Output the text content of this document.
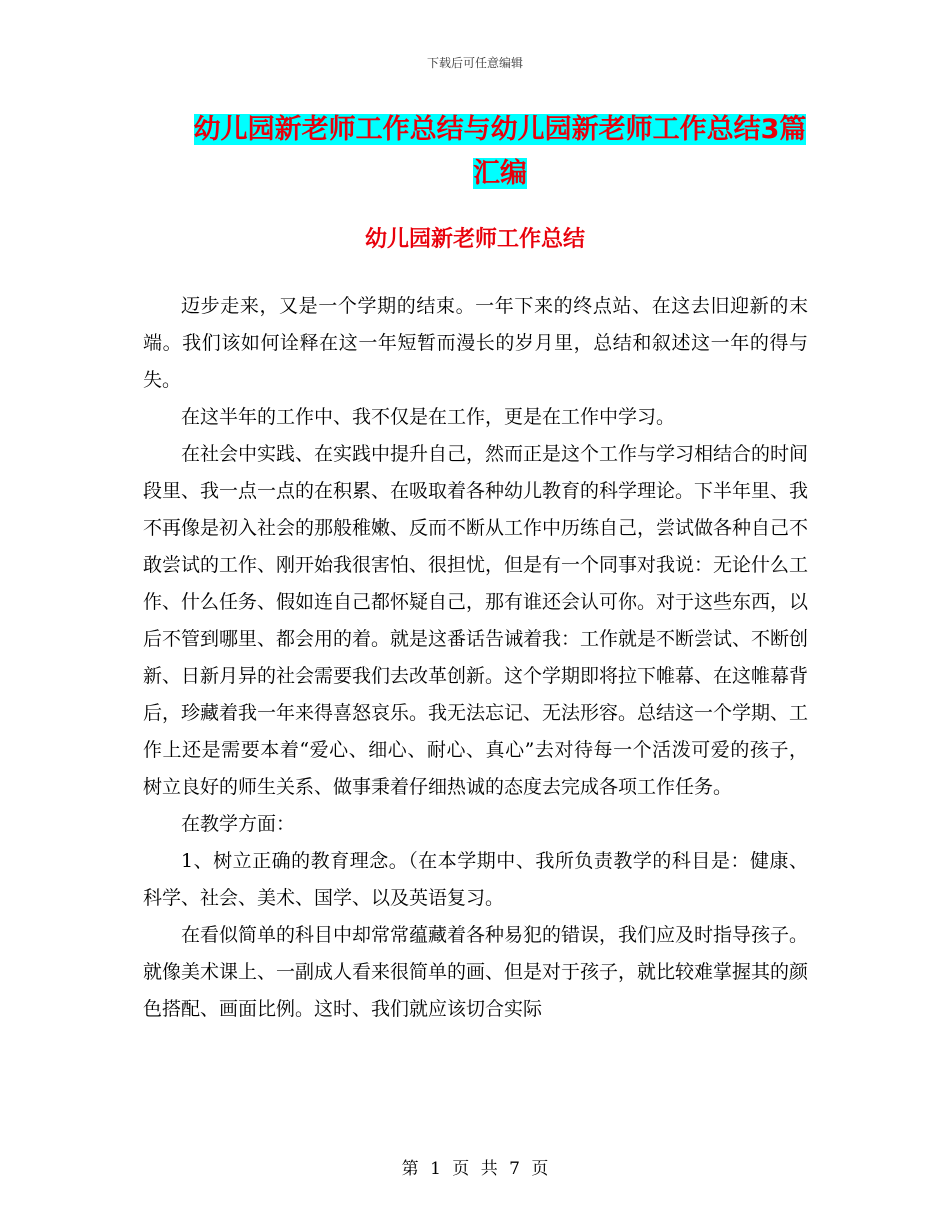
下载后可任意编辑
幼儿园新老师工作总结与幼儿园新老师工作总结3篇
汇编
幼儿园新老师工作总结

迈步走来，又是一个学期的结束。一年下来的终点站、在这去旧迎新的末端。我们该如何诠释在这一年短暂而漫长的岁月里，总结和叙述这一年的得与失。

在这半年的工作中、我不仅是在工作，更是在工作中学习。

在社会中实践、在实践中提升自己，然而正是这个工作与学习相结合的时间段里、我一点一点的在积累、在吸取着各种幼儿教育的科学理论。下半年里、我不再像是初入社会的那般稚嫩、反而不断从工作中历练自己，尝试做各种自己不敢尝试的工作、刚开始我很害怕、很担忧，但是有一个同事对我说：无论什么工作、什么任务、假如连自己都怀疑自己，那有谁还会认可你。对于这些东西，以后不管到哪里、都会用的着。就是这番话告诫着我：工作就是不断尝试、不断创新、日新月异的社会需要我们去改革创新。这个学期即将拉下帷幕、在这帷幕背后，珍藏着我一年来得喜怒哀乐。我无法忘记、无法形容。总结这一个学期、工作上还是需要本着“爱心、细心、耐心、真心”去对待每一个活泼可爱的孩子，树立良好的师生关系、做事秉着仔细热诚的态度去完成各项工作任务。

在教学方面：

1、树立正确的教育理念。（在本学期中、我所负责教学的科目是：健康、科学、社会、美术、国学、以及英语复习。

在看似简单的科目中却常常蕴藏着各种易犯的错误，我们应及时指导孩子。就像美术课上、一副成人看来很简单的画、但是对于孩子，就比较难掌握其的颜色搭配、画面比例。这时、我们就应该切合实际

第 1 页 共 7 页
